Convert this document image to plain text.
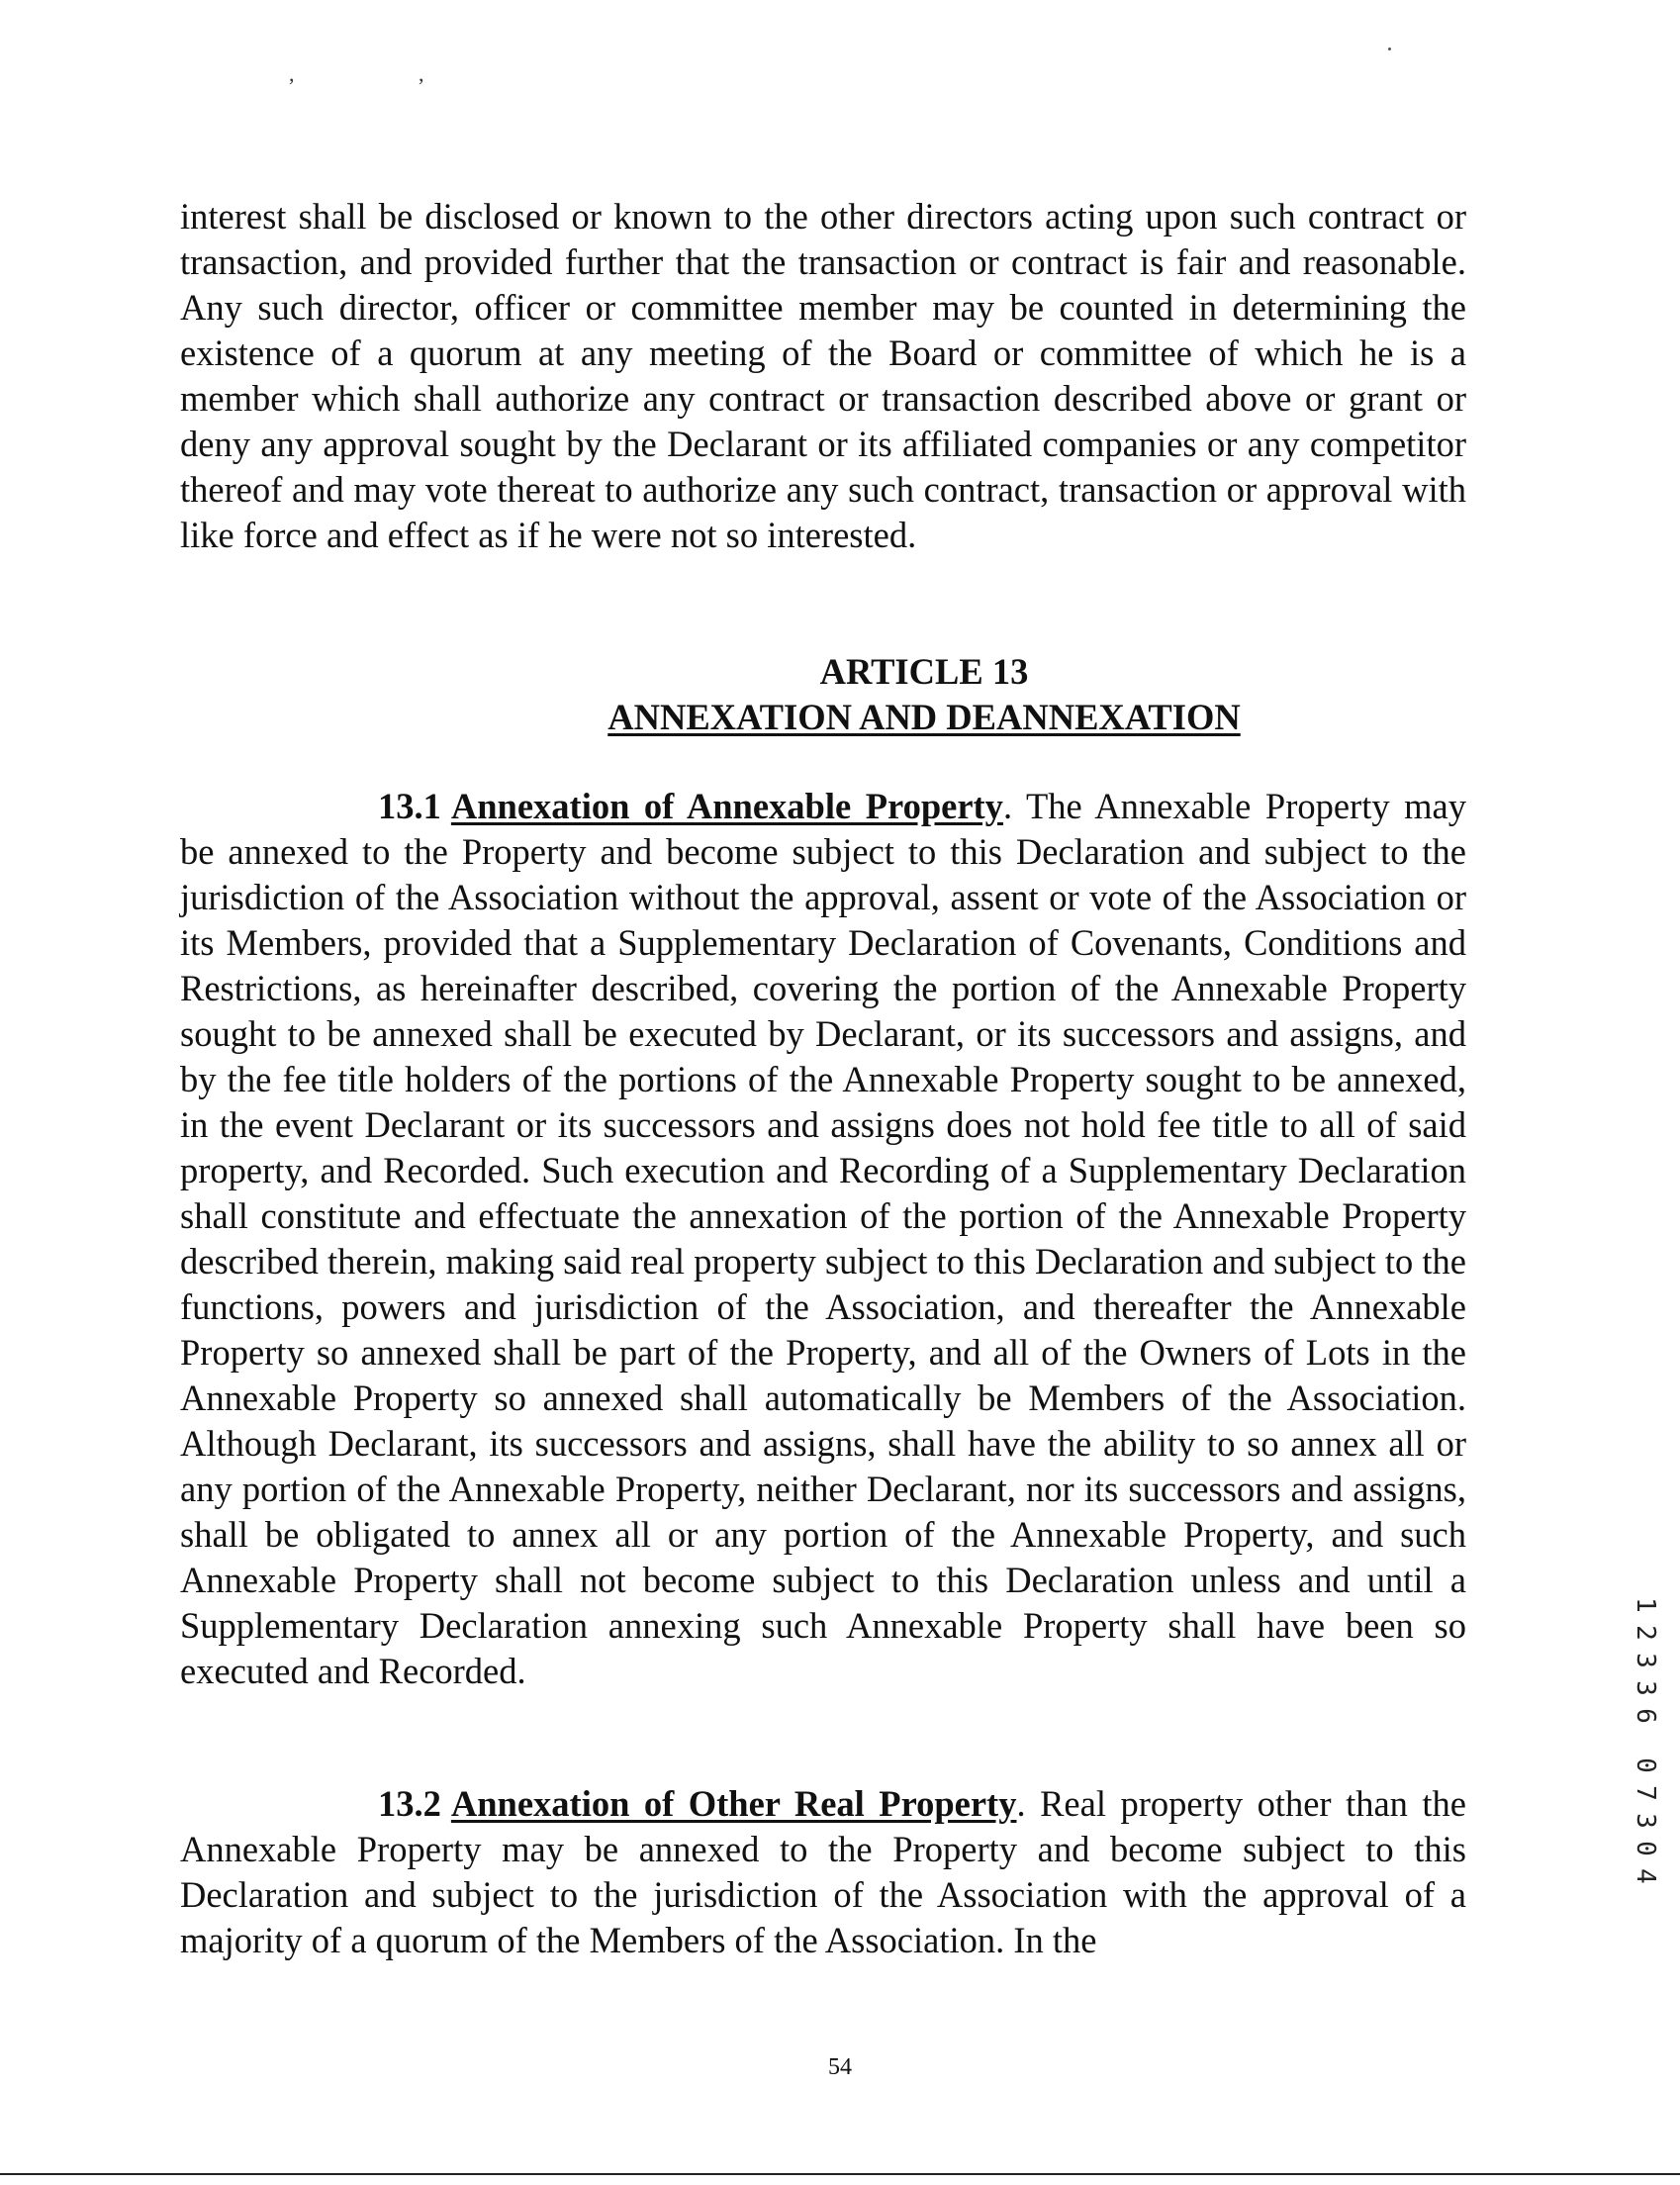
, ,

interest shall be disclosed or known to the other directors acting upon such contract or transaction, and provided further that the transaction or contract is fair and reasonable. Any such director, officer or committee member may be counted in determining the existence of a quorum at any meeting of the Board or committee of which he is a member which shall authorize any contract or transaction described above or grant or deny any approval sought by the Declarant or its affiliated companies or any competitor thereof and may vote thereat to authorize any such contract, transaction or approval with like force and effect as if he were not so interested.

ARTICLE 13
ANNEXATION AND DEANNEXATION

13.1 Annexation of Annexable Property. The Annexable Property may be annexed to the Property and become subject to this Declaration and subject to the jurisdiction of the Association without the approval, assent or vote of the Association or its Members, provided that a Supplementary Declaration of Covenants, Conditions and Restrictions, as hereinafter described, covering the portion of the Annexable Property sought to be annexed shall be executed by Declarant, or its successors and assigns, and by the fee title holders of the portions of the Annexable Property sought to be annexed, in the event Declarant or its successors and assigns does not hold fee title to all of said property, and Recorded. Such execution and Recording of a Supplementary Declaration shall constitute and effectuate the annexation of the portion of the Annexable Property described therein, making said real property subject to this Declaration and subject to the functions, powers and jurisdiction of the Association, and thereafter the Annexable Property so annexed shall be part of the Property, and all of the Owners of Lots in the Annexable Property so annexed shall automatically be Members of the Association. Although Declarant, its successors and assigns, shall have the ability to so annex all or any portion of the Annexable Property, neither Declarant, nor its successors and assigns, shall be obligated to annex all or any portion of the Annexable Property, and such Annexable Property shall not become subject to this Declaration unless and until a Supplementary Declaration annexing such Annexable Property shall have been so executed and Recorded.

13.2 Annexation of Other Real Property. Real property other than the Annexable Property may be annexed to the Property and become subject to this Declaration and subject to the jurisdiction of the Association with the approval of a majority of a quorum of the Members of the Association. In the

54
1
2
3
3
6
0
7
3
0
4
